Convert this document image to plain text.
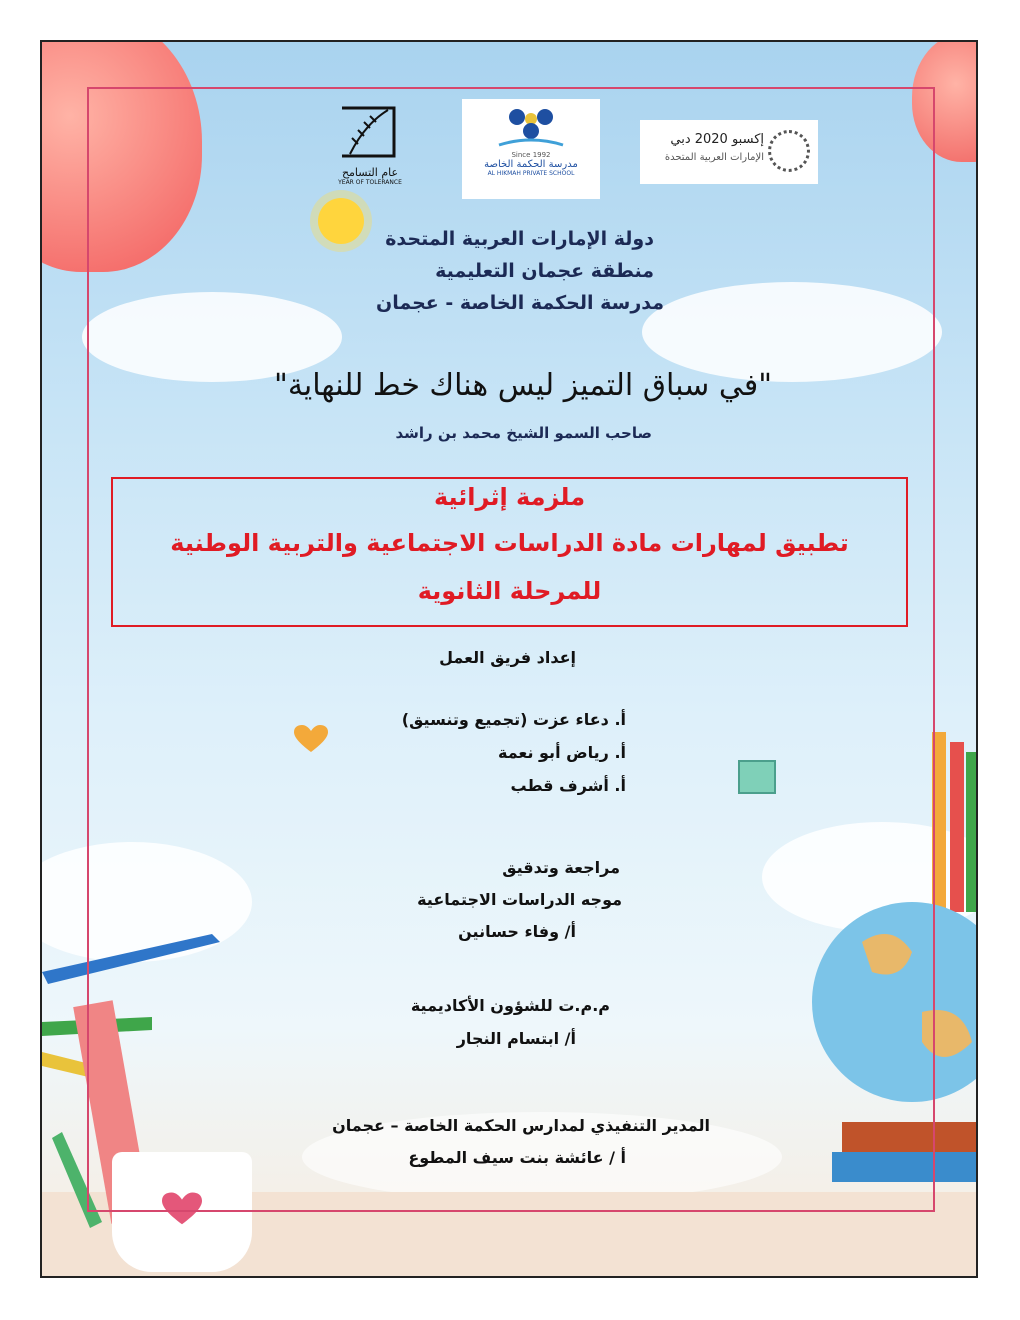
عام التسامح
YEAR OF TOLERANCE
Since 1992
مدرسة الحكمة الخاصة
AL HIKMAH PRIVATE SCHOOL
إكسبو 2020 دبي
الإمارات العربية المتحدة
دولة الإمارات العربية المتحدة
منطقة عجمان التعليمية
مدرسة الحكمة الخاصة - عجمان
"في سباق التميز ليس هناك خط للنهاية"
صاحب السمو الشيخ محمد بن راشد
ملزمة إثرائية
تطبيق لمهارات مادة الدراسات الاجتماعية والتربية الوطنية
للمرحلة الثانوية
إعداد فريق العمل
أ. دعاء عزت (تجميع وتنسيق)
أ. رياض أبو نعمة
أ. أشرف قطب
مراجعة وتدقيق
موجه الدراسات الاجتماعية
أ/ وفاء حسانين
م.م.ت للشؤون الأكاديمية
أ/ ابتسام النجار
المدير التنفيذي لمدارس الحكمة الخاصة – عجمان
أ / عائشة بنت سيف المطوع
